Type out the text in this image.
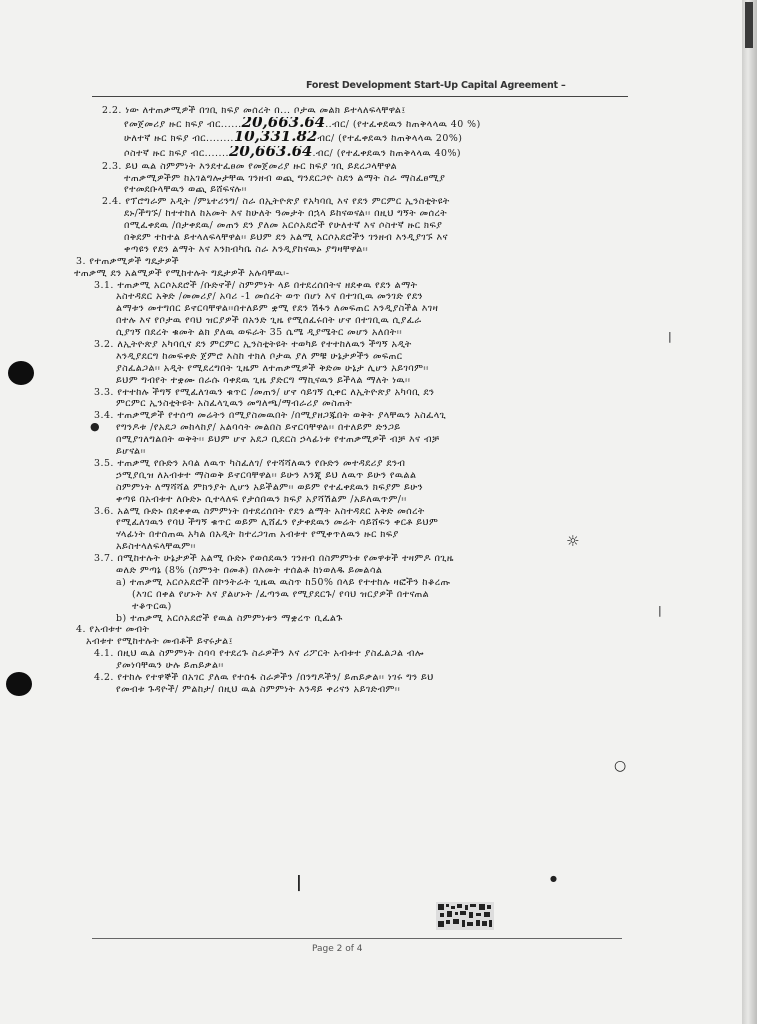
Forest Development Start-Up Capital Agreement –
2.2. ነው ለተጠቃሚዎች በገቢ ክፍያ መሰረት በ... ቦታዉ መልክ ይተላለፍላቸዋል፤
የመጀመሪያ ዙር ክፍያ ብር......20,663.64..ብር/ (የተፈቀደዉን ከጠቅላላዉ 40 %)
ሁለተኛ ዙር ክፍያ ብር........10,331.82ብር/ (የተፈቀደዉን ከጠቅላላዉ 20%)
ሶስተኛ ዙር ክፍያ ብር.......20,663.64.ብር/ (የተፈቀደዉን ከጠቅላላዉ 40%)
2.3. ይህ ዉል ስምምነት እንደተፈፀመ የመጀመሪያ ዙር ክፍያ ገቢ ይደረጋላቸዋል
ተጠቃሚዎችም ከአገልግሎታቸዉ ገንዘብ ወጪ ግንደርጋዮ ስደን ልማት ስራ ማስፈፀሚያ
የተመደቡላቸዉን ወጪ ይሸፍናሉ፡፡
2.4. የፕሮግራም አዲት /ምኒተሪንግ/ ስራ በኢትዮጵያ የአካባቢ እና የደን ምርምር ኢንስቲትዩት
ደኑ/ችግኙ/ ከተተከለ ከአመት እና ከሁለት ዓመታት በኋላ ይከናወናል፡፡ በዚህ ግኝት መሰረት
በሚፈቀደዉ /በታቀደዉ/ መጠን ደን ያለመ አርሶአደሮች የሁለተኛ እና ሶስተኛ ዙር ክፍያ
በቅደም ተከተል ይተላለፍላቸዋል፡፡ ይህም ደን አልሚ አርሶአደሮችን ገንዘብ እንዲያገኙ እና
ቀጣዩን የደን ልማት እና እንክብካቤ ስራ እንዲያከናዉኑ ያግዛቸዋል፡፡
3. የተጠቃሚዎች ግዴታዎች
ተጠቃሚ ደን አልሚዎች የሚከተሉት ግዴታዎች አሉባቸዉ፡-
3.1. ተጠቃሚ አርሶአደሮች /ቡድኖች/ ስምምነት ላይ በተደረሰበትና ዘደቀዉ የደን ልማት
አስተዳደር አቅድ /መመሪያ/ አባሪ -1 መሰረት ወጥ በሆነ እና በተገቢዉ መንገድ የደን
ልማቱን መተግበር ይኖርባቸዋል፡፡በተለይም ቋሚ የደን ሽፋን ለመፍጠር እንዲያስችል እገዛ
በተሉ እና የቦታዉ የባህ ዝርያዎች በአንድ ጊዜ የሚሰፈሩበት ሆኖ በተገቢዉ ሲያፈራ
ሲያገኝ በደረት ቁመት ልክ ያለዉ ወፍራት 35 ሴሜ ዲያሜትር መሆን አለበት፡፡
3.2. ለኢትዮጵያ አካባቢና ደን ምርምር ኢንስቲትዩት ተወካይ የተተከለዉን ችግኝ አዲት
እንዲያደርግ ከመፍቀድ ጀምሮ እስከ ተክለ ቦታዉ ያለ ምቹ ሁኔታዎችን መፍጠር
ያስፈልጋል፡፡ አዲት የሚደረግበት ጊዜም ለተጠቃሚዎች ቅድመ ሁኔታ ሊሆን አይገባም፡፡
ይህም ግብየት ተቋሙ በራሱ ባቀደዉ ጊዜ ያድርግ ማኪናዉን ይችላል ማለት ነዉ፡፡
3.3. የተተከሉ ችግኝ የሚፈለገዉን ቁጥር /መጠን/ ሆኖ ሳይገኝ ሲቀር ለኢትዮጵያ አካባቢ ደን
ምርምር ኢንስቲትዩት አስፈላጊዉን መግለጫ/ማብራሪያ መስጠት
3.4. ተጠቃሚዎች የተሰጣ መሬትን በሚያስመዉበት /በሚያዘጋጁበት ወቅት ያላቸዉን አስፈላጊ
የግንዶቱ /የአደጋ መከላከያ/ አልባሳት መልበስ ይኖርባቸዋል፡፡ በተለይም ድንጋይ
በሚያገለግልበት ወቅት፡፡ ይህም ሆኖ አደጋ ቢደርስ ኃላፊነቱ የተጠቃሚዎች ብቻ እና ብቻ
ይሆናል፡፡
3.5. ተጠቃሚ የቡድን አባል ለዉጥ ካስፈለገ/ የተሻሻለዉን የቡድን መተዳደሪያ ደንብ
ኃሚያቢዝ ለአብቱተ ማስወቅ ይኖርባቸዋል፡፡ ይሁን እንጂ ይህ ለዉጥ ይሁን የዉልል
ስምምነት ለማሻሻል ምክንያት ሊሆን አይችልም፡፡ ወይም የተፈቀደዉን ክፍያም ይሁን
ቀጣዩ በአብቱተ ለቡድኑ ሲተላለፍ የታሰበዉን ክፍያ አያሻሽልም /አይለዉጥም/፡፡
3.6. አልሚ ቡድኑ በደቀቀዉ ስምምነት በተደረሰበት የደን ልማት አስተዳደር አቅድ መሰረት
የሚፈለገዉን የባህ ችግኝ ቁጥር ወይም ሊሸፈን የታቀደዉን መሬት ሳይሸፍን ቀርቶ ይህም
ሃላፊነት በተሰጠዉ አካል በአዲት ከተረጋገጠ አብቱተ የሚቀጥለዉን ዙር ክፍያ
አይስተላለፍላቸዉም፡፡
3.7. በሚከተሉት ሁኔታዎች አልሚ ቡድኑ የወሰደዉን ገንዘብ በስምምነቱ የመዋቱች ተዛምዶ በጊዜ
ወለድ ምጣኔ (8% (ስምንት በመቶ) በእመት ተሰልቶ ከነወለዱ ይመልሳል
a) ተጠቃሚ አርሶአደሮች በኮንትራት ጊዜዉ ዉስጥ ከ50% በላይ የተተከሉ ዛፎችን ከቆረጡ
(እገር በቀል የሆኑት እና ያልሆኑት /ፈጣንዉ የሚያደርጉ/ የባህ ዝርያዎች በተናጠል
ተቆጥርዉ)
b) ተጠቃሚ አርሶአደሮች የዉል ስምምነቱን ማቋረጥ ቢፈልጉ
4. የአብቱተ መብት
አብቱተ የሚከተሉት መብቶች ይኖሩታል፤
4.1. በዚህ ዉል ስምምነት ስባባ የተደረጉ ስራዎችን እና ሪፖርት አብቱተ ያስፈልጋል ብሎ
ያመነባቸዉን ሁሉ ይጠይቃል፡፡
4.2. የተከሉ የተዋኞች በአገር ያለዉ የተሰፋ ስራዎችን /በንግዶችን/ ይጠይቃል፡፡ ነገሩ ግን ይህ
የመብቱ ጉዳዮች/ ምልከታ/ በዚህ ዉል ስምምነት እንዳይ ቀሪናን አይገድብም፡፡
|
●
☼
|
○
|	●
Page 2 of 4
